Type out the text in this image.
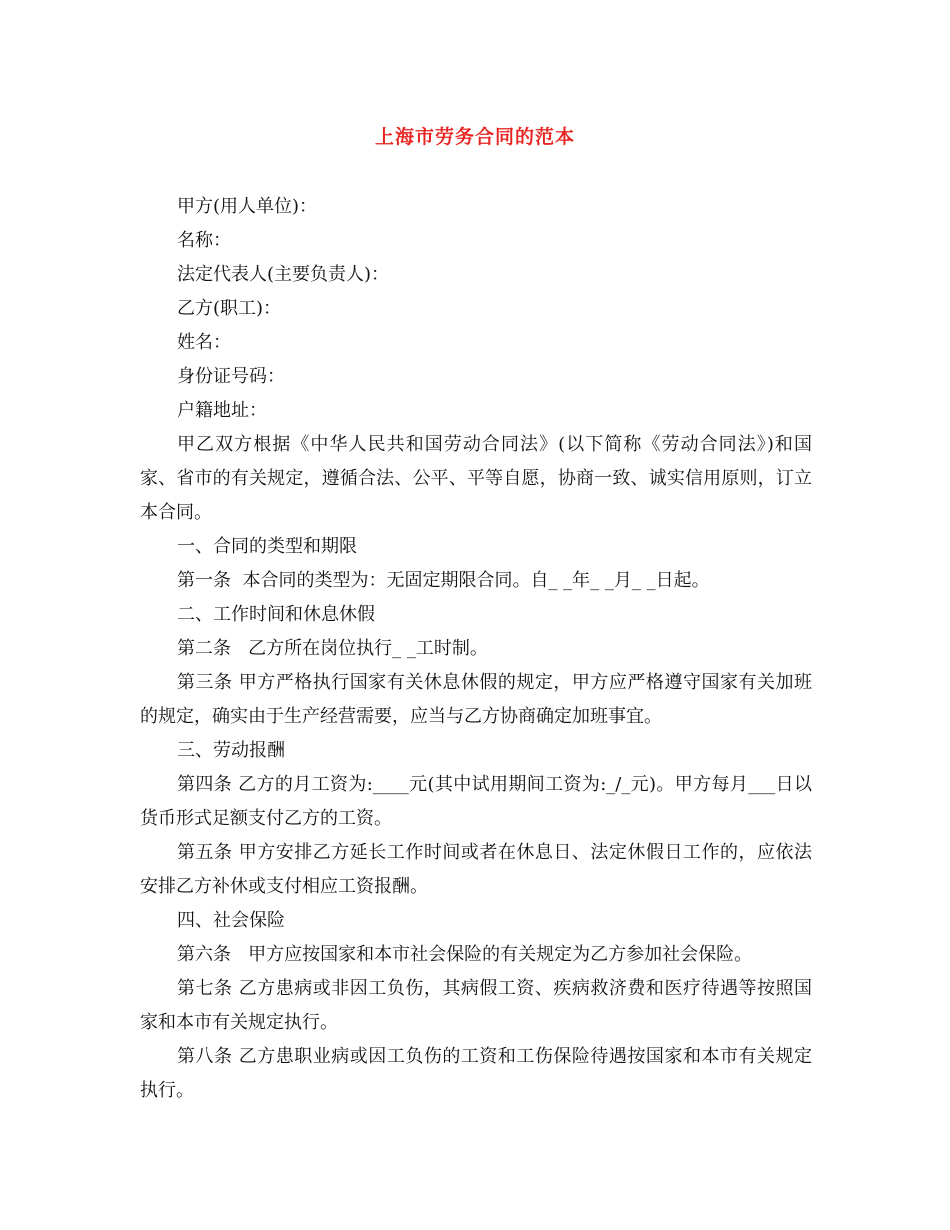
上海市劳务合同的范本

甲方(用人单位)：

名称：

法定代表人(主要负责人)：

乙方(职工)：

姓名：

身份证号码：

户籍地址：

甲乙双方根据《中华人民共和国劳动合同法》(以下简称《劳动合同法》)和国家、省市的有关规定，遵循合法、公平、平等自愿，协商一致、诚实信用原则，订立本合同。

一、合同的类型和期限

第一条  本合同的类型为：无固定期限合同。自_ _年_ _月_ _日起。

二、工作时间和休息休假

第二条   乙方所在岗位执行_ _工时制。

第三条 甲方严格执行国家有关休息休假的规定，甲方应严格遵守国家有关加班的规定，确实由于生产经营需要，应当与乙方协商确定加班事宜。

三、劳动报酬

第四条 乙方的月工资为:____元(其中试用期间工资为:_/_元)。甲方每月___日以货币形式足额支付乙方的工资。

第五条 甲方安排乙方延长工作时间或者在休息日、法定休假日工作的，应依法安排乙方补休或支付相应工资报酬。

四、社会保险

第六条   甲方应按国家和本市社会保险的有关规定为乙方参加社会保险。

第七条 乙方患病或非因工负伤，其病假工资、疾病救济费和医疗待遇等按照国家和本市有关规定执行。

第八条 乙方患职业病或因工负伤的工资和工伤保险待遇按国家和本市有关规定执行。
